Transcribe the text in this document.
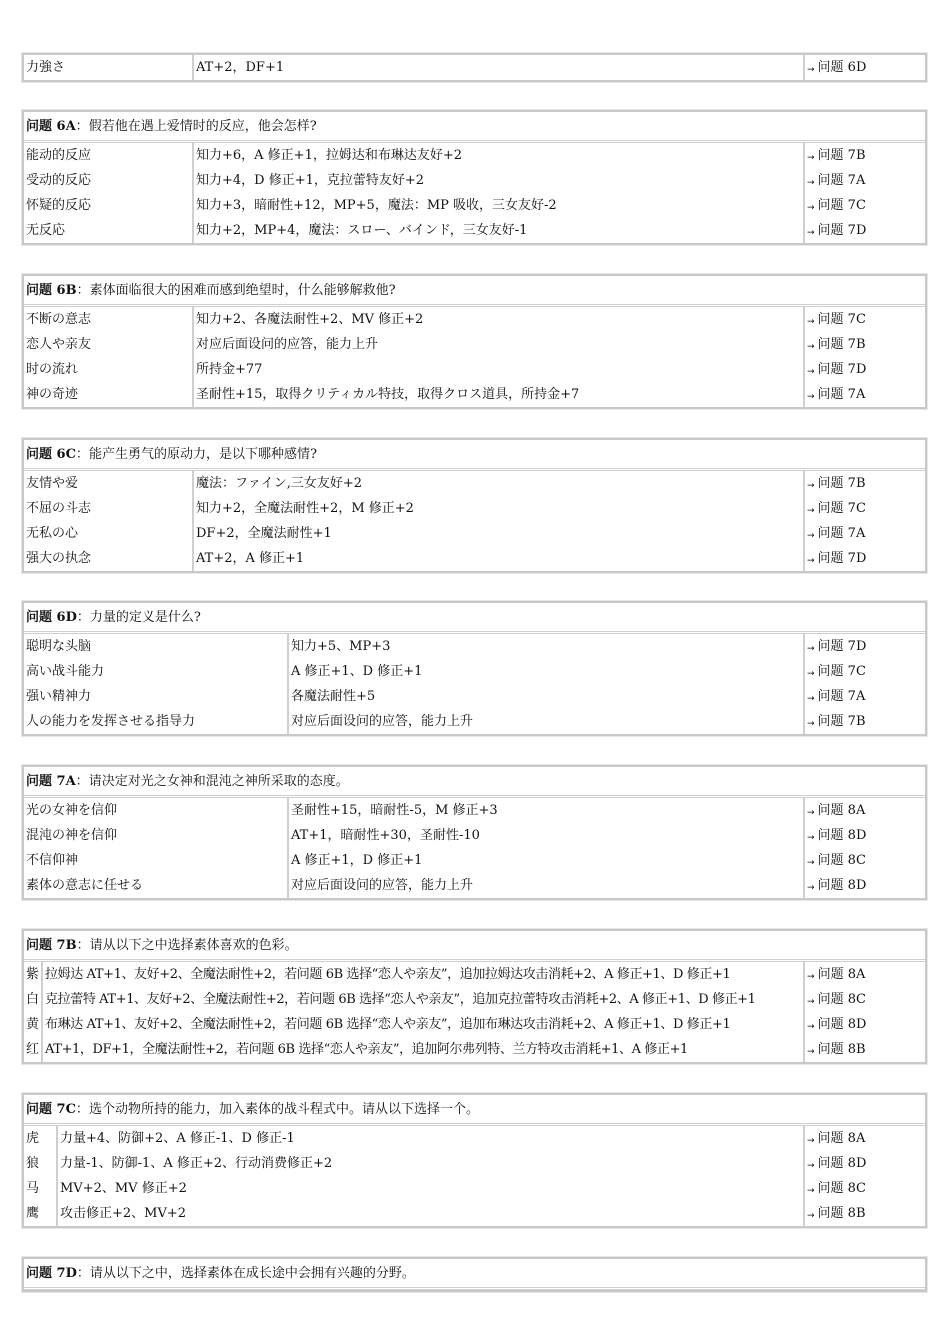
力強さ	AT+2，DF+1	→ 问题 6D
问题 6A：假若他在遇上爱情时的反应，他会怎样?
能动的反应	知力+6，A 修正+1，拉姆达和布琳达友好+2	→ 问题 7B
受动的反応	知力+4，D 修正+1，克拉蕾特友好+2	→ 问题 7A
怀疑的反応	知力+3，暗耐性+12，MP+5，魔法：MP 吸收，三女友好-2	→ 问题 7C
无反応	知力+2，MP+4，魔法：スロー、バインド，三女友好-1	→ 问题 7D
问题 6B：素体面临很大的困难而感到绝望时，什么能够解救他?
不断の意志	知力+2、各魔法耐性+2、MV 修正+2	→ 问题 7C
恋人や亲友	对应后面设问的应答，能力上升	→ 问题 7B
时の流れ	所持金+77	→ 问题 7D
神の奇迹	圣耐性+15，取得クリティカル特技，取得クロス道具，所持金+7	→ 问题 7A
问题 6C：能产生勇气的原动力，是以下哪种感情?
友情や爱	魔法：ファイン,三女友好+2	→ 问题 7B
不屈の斗志	知力+2，全魔法耐性+2，M 修正+2	→ 问题 7C
无私の心	DF+2，全魔法耐性+1	→ 问题 7A
强大の执念	AT+2，A 修正+1	→ 问题 7D
问题 6D：力量的定义是什么?
聪明な头脑	知力+5、MP+3	→ 问题 7D
高い战斗能力	A 修正+1、D 修正+1	→ 问题 7C
强い精神力	各魔法耐性+5	→ 问题 7A
人の能力を发挥させる指导力	对应后面设问的应答，能力上升	→ 问题 7B
问题 7A：请决定对光之女神和混沌之神所采取的态度。
光の女神を信仰	圣耐性+15，暗耐性-5，M 修正+3	→ 问题 8A
混沌の神を信仰	AT+1，暗耐性+30，圣耐性-10	→ 问题 8D
不信仰神	A 修正+1，D 修正+1	→ 问题 8C
素体の意志に任せる	对应后面设问的应答，能力上升	→ 问题 8D
问题 7B：请从以下之中选择素体喜欢的色彩。
紫	拉姆达 AT+1、友好+2、全魔法耐性+2，若问题 6B 选择“恋人や亲友”，追加拉姆达攻击消耗+2、A 修正+1、D 修正+1	→ 问题 8A
白	克拉蕾特 AT+1、友好+2、全魔法耐性+2，若问题 6B 选择“恋人や亲友”，追加克拉蕾特攻击消耗+2、A 修正+1、D 修正+1	→ 问题 8C
黄	布琳达 AT+1、友好+2、全魔法耐性+2，若问题 6B 选择“恋人や亲友”，追加布琳达攻击消耗+2、A 修正+1、D 修正+1	→ 问题 8D
红	AT+1，DF+1，全魔法耐性+2，若问题 6B 选择“恋人や亲友”，追加阿尔弗列特、兰方特攻击消耗+1、A 修正+1	→ 问题 8B
问题 7C：选个动物所持的能力，加入素体的战斗程式中。请从以下选择一个。
虎	力量+4、防御+2、A 修正-1、D 修正-1	→ 问题 8A
狼	力量-1、防御-1、A 修正+2、行动消费修正+2	→ 问题 8D
马	MV+2、MV 修正+2	→ 问题 8C
鹰	攻击修正+2、MV+2	→ 问题 8B
问题 7D：请从以下之中，选择素体在成长途中会拥有兴趣的分野。
